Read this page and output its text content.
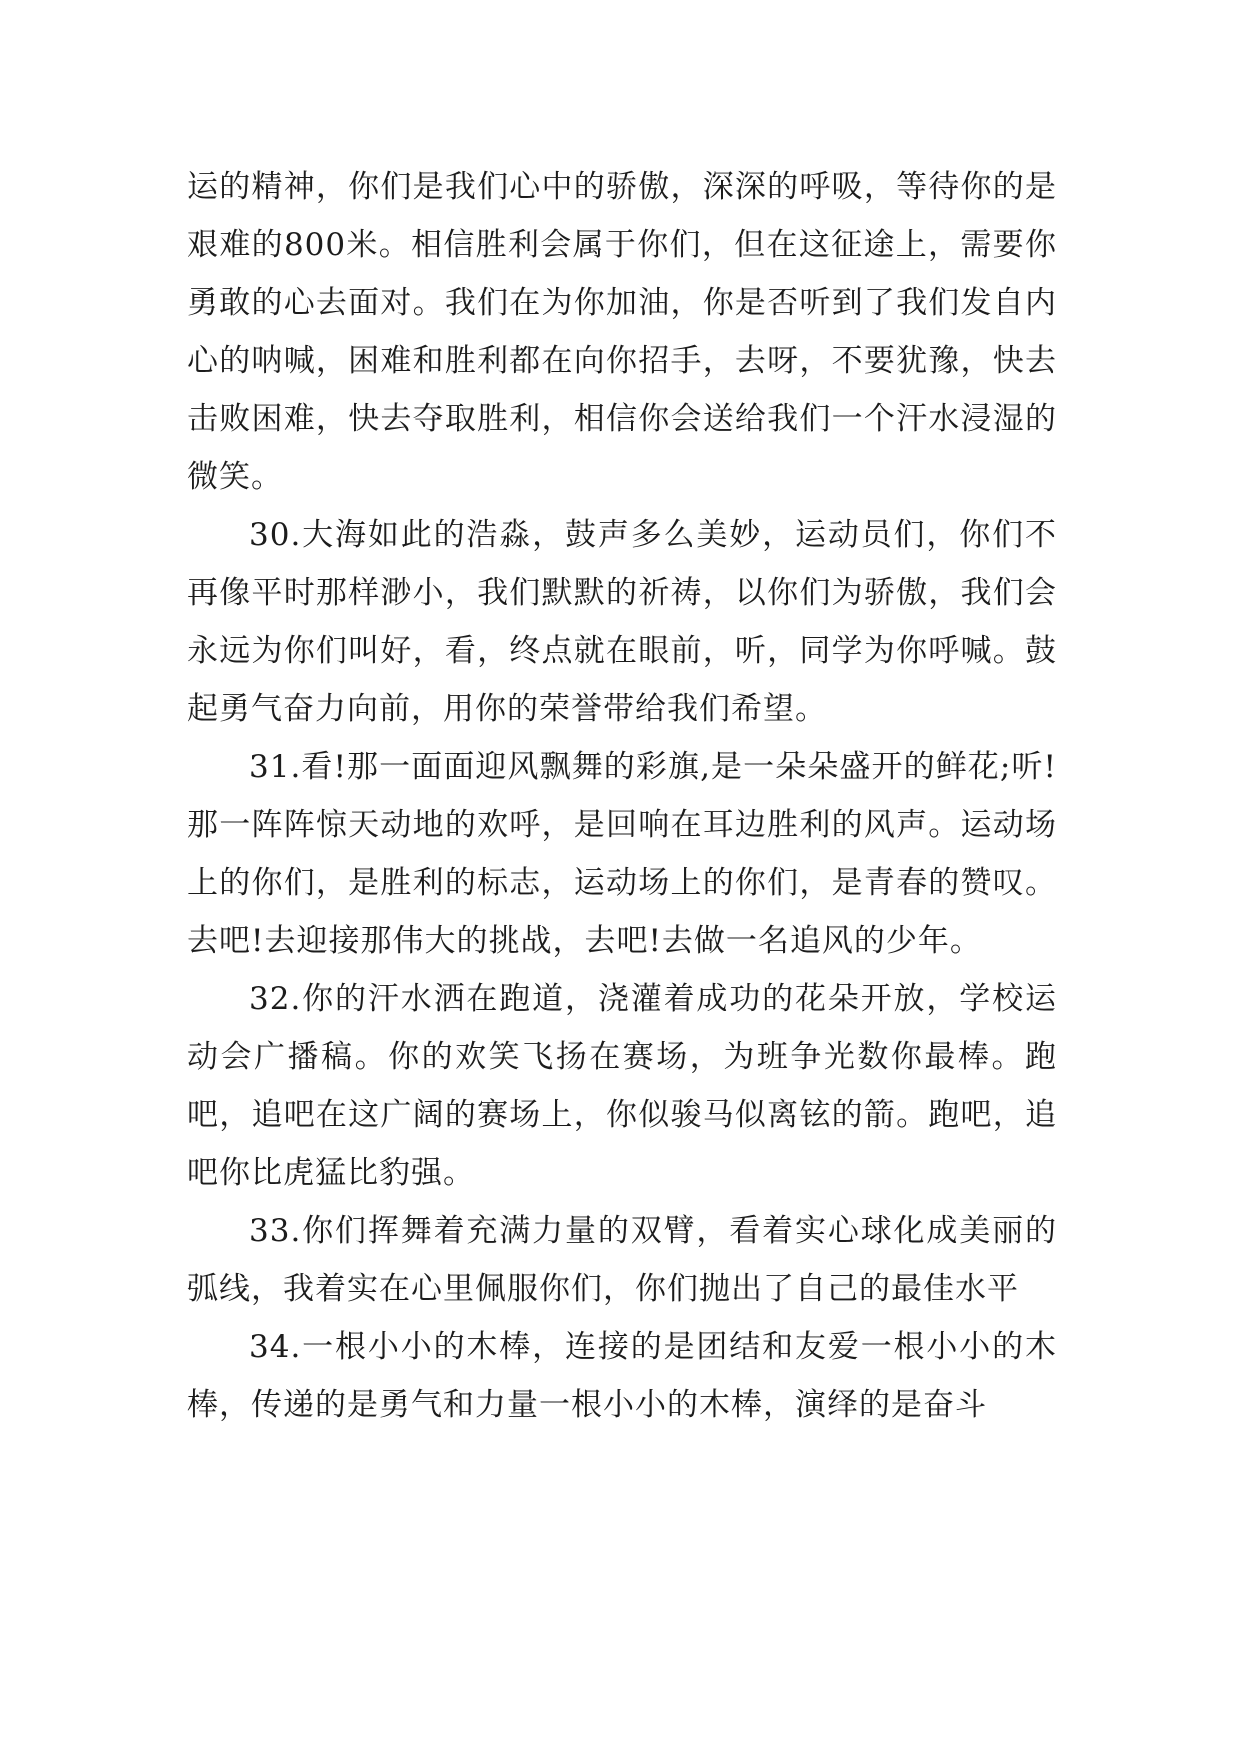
运的精神，你们是我们心中的骄傲，深深的呼吸，等待你的是艰难的800米。相信胜利会属于你们，但在这征途上，需要你勇敢的心去面对。我们在为你加油，你是否听到了我们发自内心的呐喊，困难和胜利都在向你招手，去呀，不要犹豫，快去击败困难，快去夺取胜利，相信你会送给我们一个汗水浸湿的微笑。

30.大海如此的浩淼，鼓声多么美妙，运动员们，你们不再像平时那样渺小，我们默默的祈祷，以你们为骄傲，我们会永远为你们叫好，看，终点就在眼前，听，同学为你呼喊。鼓起勇气奋力向前，用你的荣誉带给我们希望。

31.看!那一面面迎风飘舞的彩旗,是一朵朵盛开的鲜花;听!那一阵阵惊天动地的欢呼，是回响在耳边胜利的风声。运动场上的你们，是胜利的标志，运动场上的你们，是青春的赞叹。去吧!去迎接那伟大的挑战，去吧!去做一名追风的少年。

32.你的汗水洒在跑道，浇灌着成功的花朵开放，学校运动会广播稿。你的欢笑飞扬在赛场，为班争光数你最棒。跑吧，追吧在这广阔的赛场上，你似骏马似离铉的箭。跑吧，追吧你比虎猛比豹强。

33.你们挥舞着充满力量的双臂，看着实心球化成美丽的弧线，我着实在心里佩服你们，你们抛出了自己的最佳水平

34.一根小小的木棒，连接的是团结和友爱一根小小的木棒，传递的是勇气和力量一根小小的木棒，演绎的是奋斗
